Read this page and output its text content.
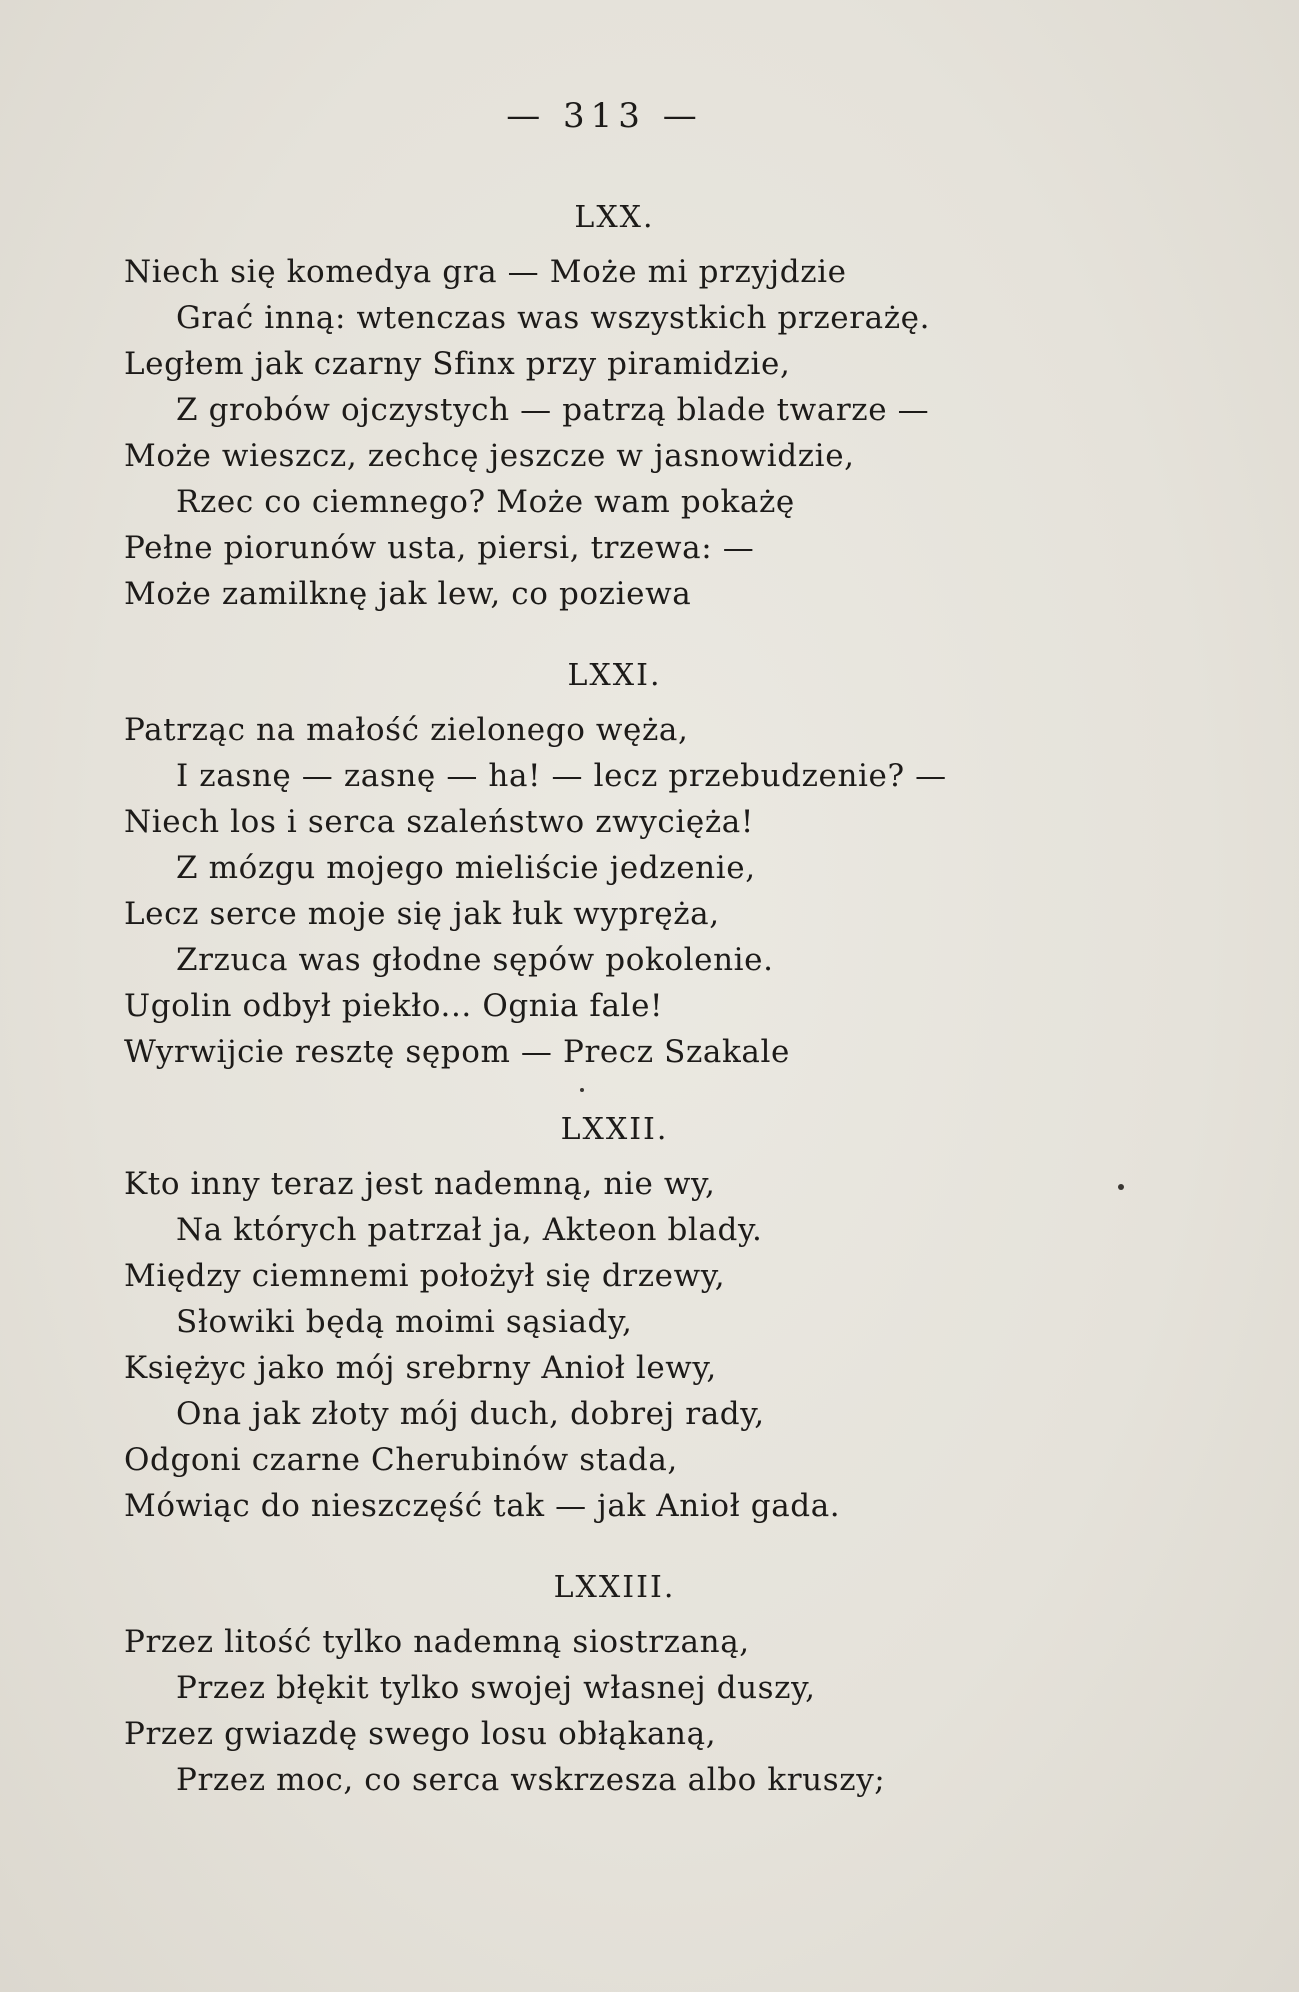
— 313 —
LXX.
Niech się komedya gra — Może mi przyjdzie
Grać inną: wtenczas was wszystkich przerażę.
Ległem jak czarny Sfinx przy piramidzie,
Z grobów ojczystych — patrzą blade twarze —
Może wieszcz, zechcę jeszcze w jasnowidzie,
Rzec co ciemnego? Może wam pokażę
Pełne piorunów usta, piersi, trzewa: —
Może zamilknę jak lew, co poziewa
LXXI.
Patrząc na małość zielonego węża,
I zasnę — zasnę — ha! — lecz przebudzenie? —
Niech los i serca szaleństwo zwycięża!
Z mózgu mojego mieliście jedzenie,
Lecz serce moje się jak łuk wypręża,
Zrzuca was głodne sępów pokolenie.
Ugolin odbył piekło... Ognia fale!
Wyrwijcie resztę sępom — Precz Szakale
LXXII.
Kto inny teraz jest nademną, nie wy,
Na których patrzał ja, Akteon blady.
Między ciemnemi położył się drzewy,
Słowiki będą moimi sąsiady,
Księżyc jako mój srebrny Anioł lewy,
Ona jak złoty mój duch, dobrej rady,
Odgoni czarne Cherubinów stada,
Mówiąc do nieszczęść tak — jak Anioł gada.
LXXIII.
Przez litość tylko nademną siostrzaną,
Przez błękit tylko swojej własnej duszy,
Przez gwiazdę swego losu obłąkaną,
Przez moc, co serca wskrzesza albo kruszy;
